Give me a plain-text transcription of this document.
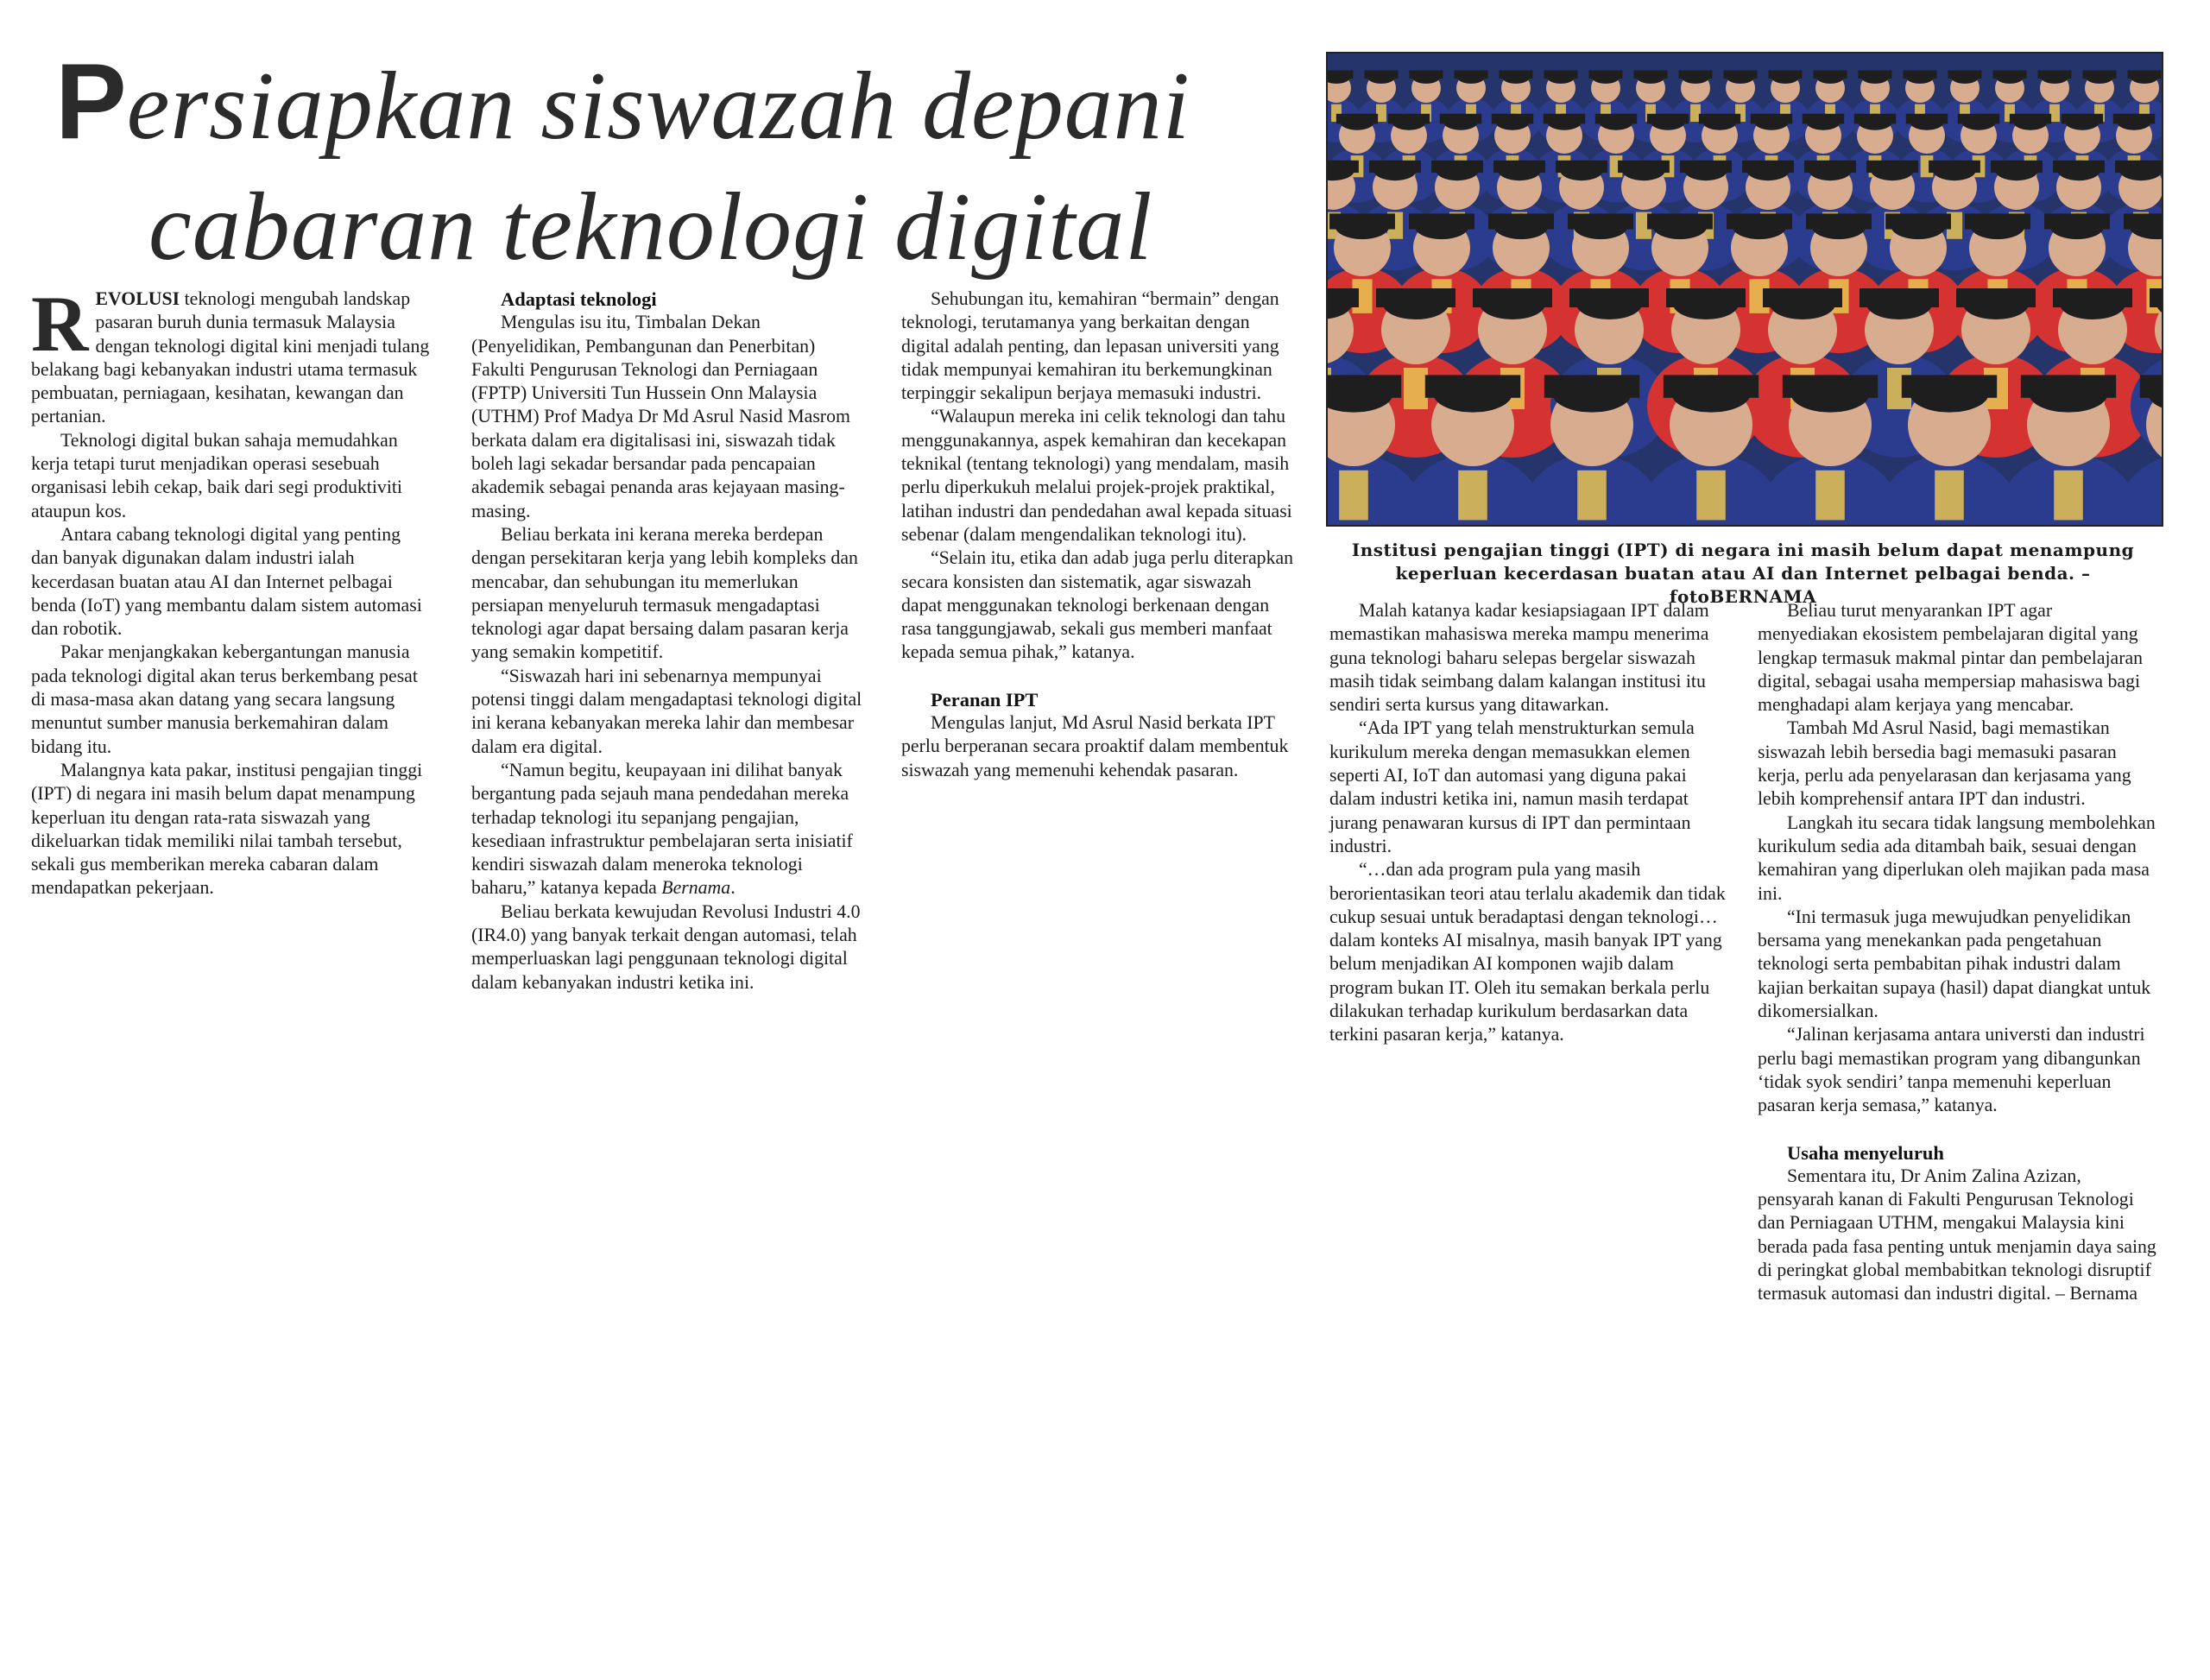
Persiapkan siswazah depani
cabaran teknologi digital

REVOLUSI teknologi mengubah landskap pasaran buruh dunia termasuk Malaysia dengan teknologi digital kini menjadi tulang belakang bagi kebanyakan industri utama termasuk pembuatan, perniagaan, kesihatan, kewangan dan pertanian.

Teknologi digital bukan sahaja memudahkan kerja tetapi turut menjadikan operasi sesebuah organisasi lebih cekap, baik dari segi produktiviti ataupun kos.

Antara cabang teknologi digital yang penting dan banyak digunakan dalam industri ialah kecerdasan buatan atau AI dan Internet pelbagai benda (IoT) yang membantu dalam sistem automasi dan robotik.

Pakar menjangkakan kebergantungan manusia pada teknologi digital akan terus berkembang pesat di masa-masa akan datang yang secara langsung menuntut sumber manusia berkemahiran dalam bidang itu.

Malangnya kata pakar, institusi pengajian tinggi (IPT) di negara ini masih belum dapat menampung keperluan itu dengan rata-rata siswazah yang dikeluarkan tidak memiliki nilai tambah tersebut, sekali gus memberikan mereka cabaran dalam mendapatkan pekerjaan.

Adaptasi teknologi

Mengulas isu itu, Timbalan Dekan (Penyelidikan, Pembangunan dan Penerbitan) Fakulti Pengurusan Teknologi dan Perniagaan (FPTP) Universiti Tun Hussein Onn Malaysia (UTHM) Prof Madya Dr Md Asrul Nasid Masrom berkata dalam era digitalisasi ini, siswazah tidak boleh lagi sekadar bersandar pada pencapaian akademik sebagai penanda aras kejayaan masing-masing.

Beliau berkata ini kerana mereka berdepan dengan persekitaran kerja yang lebih kompleks dan mencabar, dan sehubungan itu memerlukan persiapan menyeluruh termasuk mengadaptasi teknologi agar dapat bersaing dalam pasaran kerja yang semakin kompetitif.

“Siswazah hari ini sebenarnya mempunyai potensi tinggi dalam mengadaptasi teknologi digital ini kerana kebanyakan mereka lahir dan membesar dalam era digital.

“Namun begitu, keupayaan ini dilihat banyak bergantung pada sejauh mana pendedahan mereka terhadap teknologi itu sepanjang pengajian, kesediaan infrastruktur pembelajaran serta inisiatif kendiri siswazah dalam meneroka teknologi baharu,” katanya kepada Bernama.

Beliau berkata kewujudan Revolusi Industri 4.0 (IR4.0) yang banyak terkait dengan automasi, telah memperluaskan lagi penggunaan teknologi digital dalam kebanyakan industri ketika ini.

Sehubungan itu, kemahiran “bermain” dengan teknologi, terutamanya yang berkaitan dengan digital adalah penting, dan lepasan universiti yang tidak mempunyai kemahiran itu berkemungkinan terpinggir sekalipun berjaya memasuki industri.

“Walaupun mereka ini celik teknologi dan tahu menggunakannya, aspek kemahiran dan kecekapan teknikal (tentang teknologi) yang mendalam, masih perlu diperkukuh melalui projek-projek praktikal, latihan industri dan pendedahan awal kepada situasi sebenar (dalam mengendalikan teknologi itu).

“Selain itu, etika dan adab juga perlu diterapkan secara konsisten dan sistematik, agar siswazah dapat menggunakan teknologi berkenaan dengan rasa tanggungjawab, sekali gus memberi manfaat kepada semua pihak,” katanya.

Peranan IPT

Mengulas lanjut, Md Asrul Nasid berkata IPT perlu berperanan secara proaktif dalam membentuk siswazah yang memenuhi kehendak pasaran.

Institusi pengajian tinggi (IPT) di negara ini masih belum dapat menampung
keperluan kecerdasan buatan atau AI dan Internet pelbagai benda. – fotoBERNAMA

Malah katanya kadar kesiapsiagaan IPT dalam memastikan mahasiswa mereka mampu menerima guna teknologi baharu selepas bergelar siswazah masih tidak seimbang dalam kalangan institusi itu sendiri serta kursus yang ditawarkan.

“Ada IPT yang telah menstrukturkan semula kurikulum mereka dengan memasukkan elemen seperti AI, IoT dan automasi yang diguna pakai dalam industri ketika ini, namun masih terdapat jurang penawaran kursus di IPT dan permintaan industri.

“…dan ada program pula yang masih berorientasikan teori atau terlalu akademik dan tidak cukup sesuai untuk beradaptasi dengan teknologi… dalam konteks AI misalnya, masih banyak IPT yang belum menjadikan AI komponen wajib dalam program bukan IT. Oleh itu semakan berkala perlu dilakukan terhadap kurikulum berdasarkan data terkini pasaran kerja,” katanya.

Beliau turut menyarankan IPT agar menyediakan ekosistem pembelajaran digital yang lengkap termasuk makmal pintar dan pembelajaran digital, sebagai usaha mempersiap mahasiswa bagi menghadapi alam kerjaya yang mencabar.

Tambah Md Asrul Nasid, bagi memastikan siswazah lebih bersedia bagi memasuki pasaran kerja, perlu ada penyelarasan dan kerjasama yang lebih komprehensif antara IPT dan industri.

Langkah itu secara tidak langsung membolehkan kurikulum sedia ada ditambah baik, sesuai dengan kemahiran yang diperlukan oleh majikan pada masa ini.

“Ini termasuk juga mewujudkan penyelidikan bersama yang menekankan pada pengetahuan teknologi serta pembabitan pihak industri dalam kajian berkaitan supaya (hasil) dapat diangkat untuk dikomersialkan.

“Jalinan kerjasama antara universti dan industri perlu bagi memastikan program yang dibangunkan ‘tidak syok sendiri’ tanpa memenuhi keperluan pasaran kerja semasa,” katanya.

Usaha menyeluruh

Sementara itu, Dr Anim Zalina Azizan, pensyarah kanan di Fakulti Pengurusan Teknologi dan Perniagaan UTHM, mengakui Malaysia kini berada pada fasa penting untuk menjamin daya saing di peringkat global membabitkan teknologi disruptif termasuk automasi dan industri digital. – Bernama
